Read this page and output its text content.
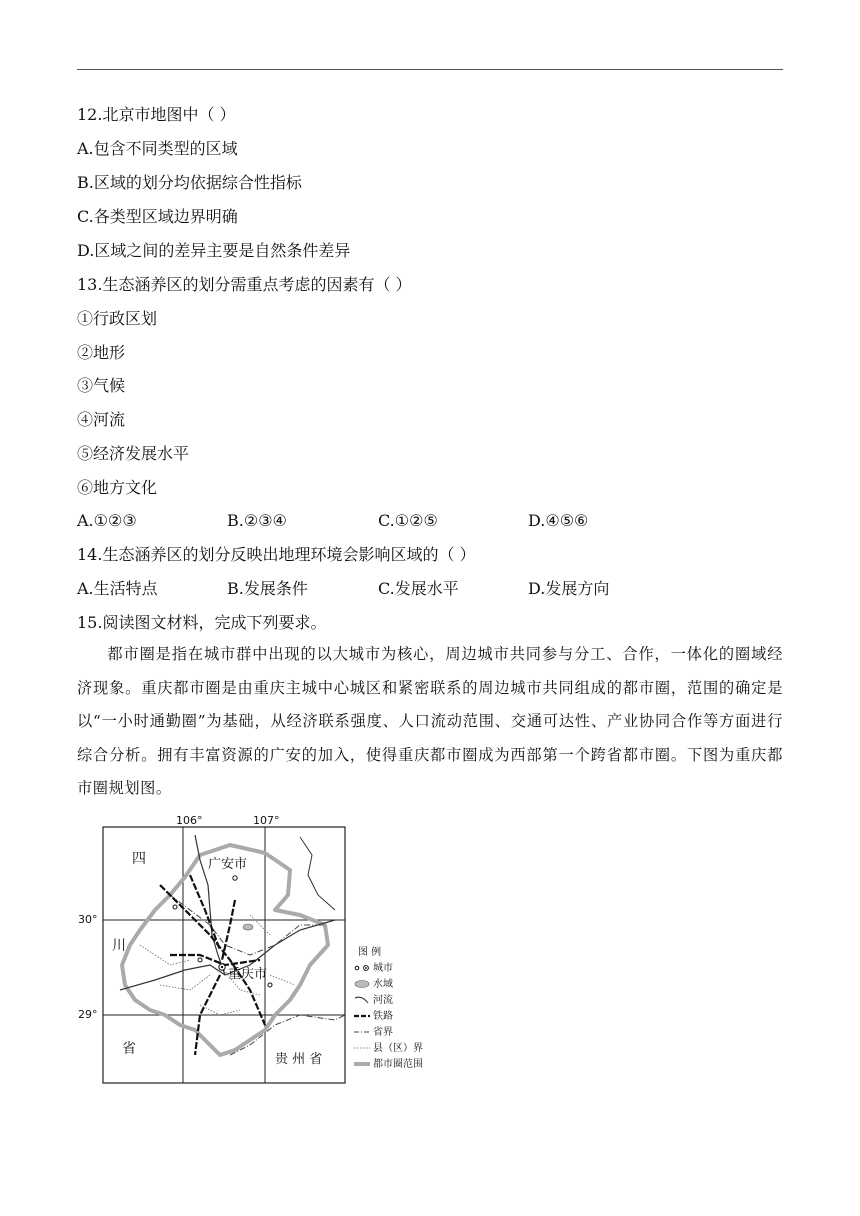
12.北京市地图中（ ）
A.包含不同类型的区域
B.区域的划分均依据综合性指标
C.各类型区域边界明确
D.区域之间的差异主要是自然条件差异
13.生态涵养区的划分需重点考虑的因素有（ ）
①行政区划
②地形
③气候
④河流
⑤经济发展水平
⑥地方文化
A.①②③	B.②③④	C.①②⑤	D.④⑤⑥
14.生态涵养区的划分反映出地理环境会影响区域的（ ）
A.生活特点	B.发展条件	C.发展水平	D.发展方向
15.阅读图文材料，完成下列要求。
都市圈是指在城市群中出现的以大城市为核心，周边城市共同参与分工、合作，一体化的圈域经济现象。重庆都市圈是由重庆主城中心城区和紧密联系的周边城市共同组成的都市圈，范围的确定是以“一小时通勤圈”为基础，从经济联系强度、人口流动范围、交通可达性、产业协同合作等方面进行综合分析。拥有丰富资源的广安的加入，使得重庆都市圈成为西部第一个跨省都市圈。下图为重庆都市圈规划图。
106°	107°
30°
29°
四
川
省
贵 州 省
广安市
重庆市
图 例
城市
水域
河流
铁路
省界
县（区）界
都市圈范围
